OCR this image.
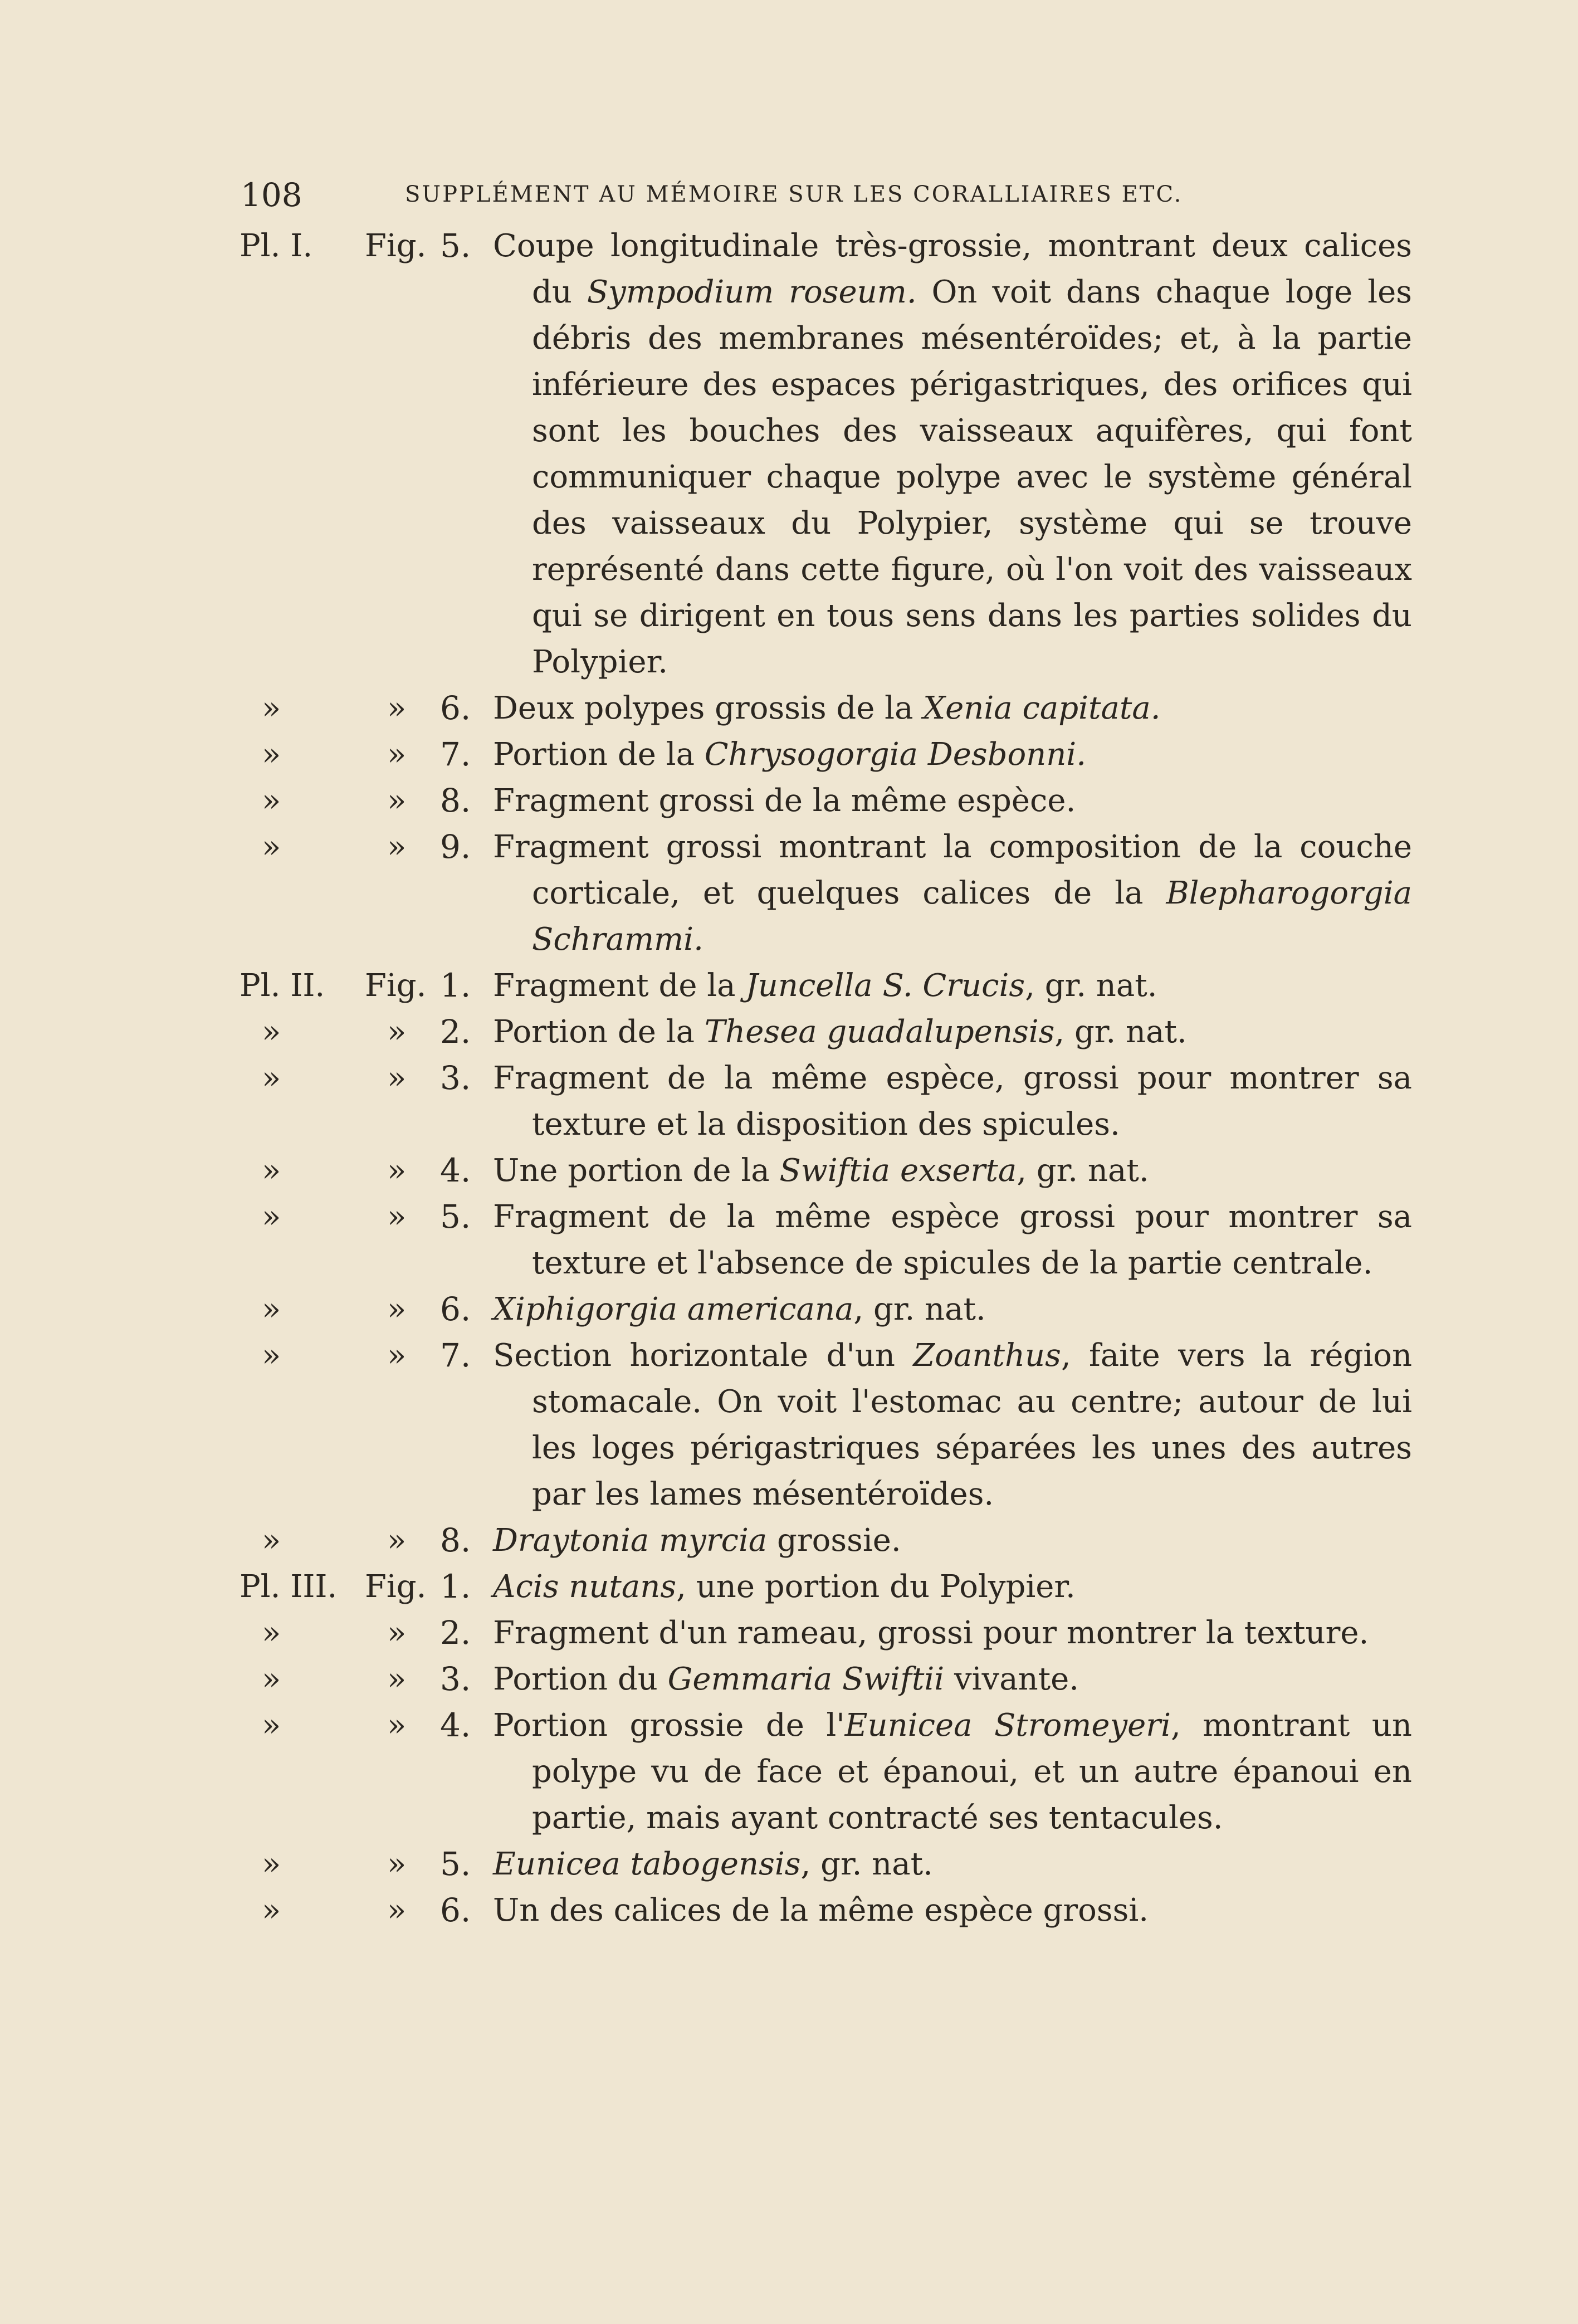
108	SUPPLÉMENT AU MÉMOIRE SUR LES CORALLIAIRES ETC.
Pl. I. Fig. 5. Coupe longitudinale très-grossie, montrant deux calices du Sympodium roseum. On voit dans chaque loge les débris des membranes mésentéroïdes; et, à la partie inférieure des espaces périgastriques, des orifices qui sont les bouches des vaisseaux aquifères, qui font communiquer chaque polype avec le système général des vaisseaux du Polypier, système qui se trouve représenté dans cette figure, où l'on voit des vaisseaux qui se dirigent en tous sens dans les parties solides du Polypier.
»	» 6. Deux polypes grossis de la Xenia capitata.
»	» 7. Portion de la Chrysogorgia Desbonni.
»	» 8. Fragment grossi de la même espèce.
»	» 9. Fragment grossi montrant la composition de la couche corticale, et quelques calices de la Blepharogorgia Schrammi.
Pl. II. Fig. 1. Fragment de la Juncella S. Crucis, gr. nat.
»	» 2. Portion de la Thesea guadalupensis, gr. nat.
»	» 3. Fragment de la même espèce, grossi pour montrer sa texture et la disposition des spicules.
»	» 4. Une portion de la Swiftia exserta, gr. nat.
»	» 5. Fragment de la même espèce grossi pour montrer sa texture et l'absence de spicules de la partie centrale.
»	» 6. Xiphigorgia americana, gr. nat.
»	» 7. Section horizontale d'un Zoanthus, faite vers la région stomacale. On voit l'estomac au centre; autour de lui les loges périgastriques séparées les unes des autres par les lames mésentéroïdes.
»	» 8. Draytonia myrcia grossie.
Pl. III. Fig. 1. Acis nutans, une portion du Polypier.
»	» 2. Fragment d'un rameau, grossi pour montrer la texture.
»	» 3. Portion du Gemmaria Swiftii vivante.
»	» 4. Portion grossie de l'Eunicea Stromeyeri, montrant un polype vu de face et épanoui, et un autre épanoui en partie, mais ayant contracté ses tentacules.
»	» 5. Eunicea tabogensis, gr. nat.
»	» 6. Un des calices de la même espèce grossi.
